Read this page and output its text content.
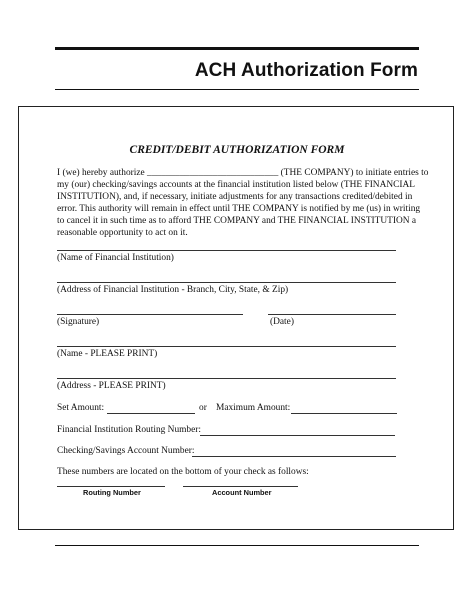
ACH Authorization Form
CREDIT/DEBIT AUTHORIZATION FORM
I (we) hereby authorize ____________________________ (THE COMPANY) to initiate entries to
my (our) checking/savings accounts at the financial institution listed below (THE FINANCIAL
INSTITUTION), and, if necessary, initiate adjustments for any transactions credited/debited in
error. This authority will remain in effect until THE COMPANY is notified by me (us) in writing
to cancel it in such time as to afford THE COMPANY and THE FINANCIAL INSTITUTION a
reasonable opportunity to act on it.
(Name of Financial Institution)
(Address of Financial Institution - Branch, City, State, & Zip)
(Signature)	(Date)
(Name - PLEASE PRINT)
(Address - PLEASE PRINT)
Set Amount:	or Maximum Amount:
Financial Institution Routing Number:
Checking/Savings Account Number:
These numbers are located on the bottom of your check as follows:
Routing Number	Account Number
